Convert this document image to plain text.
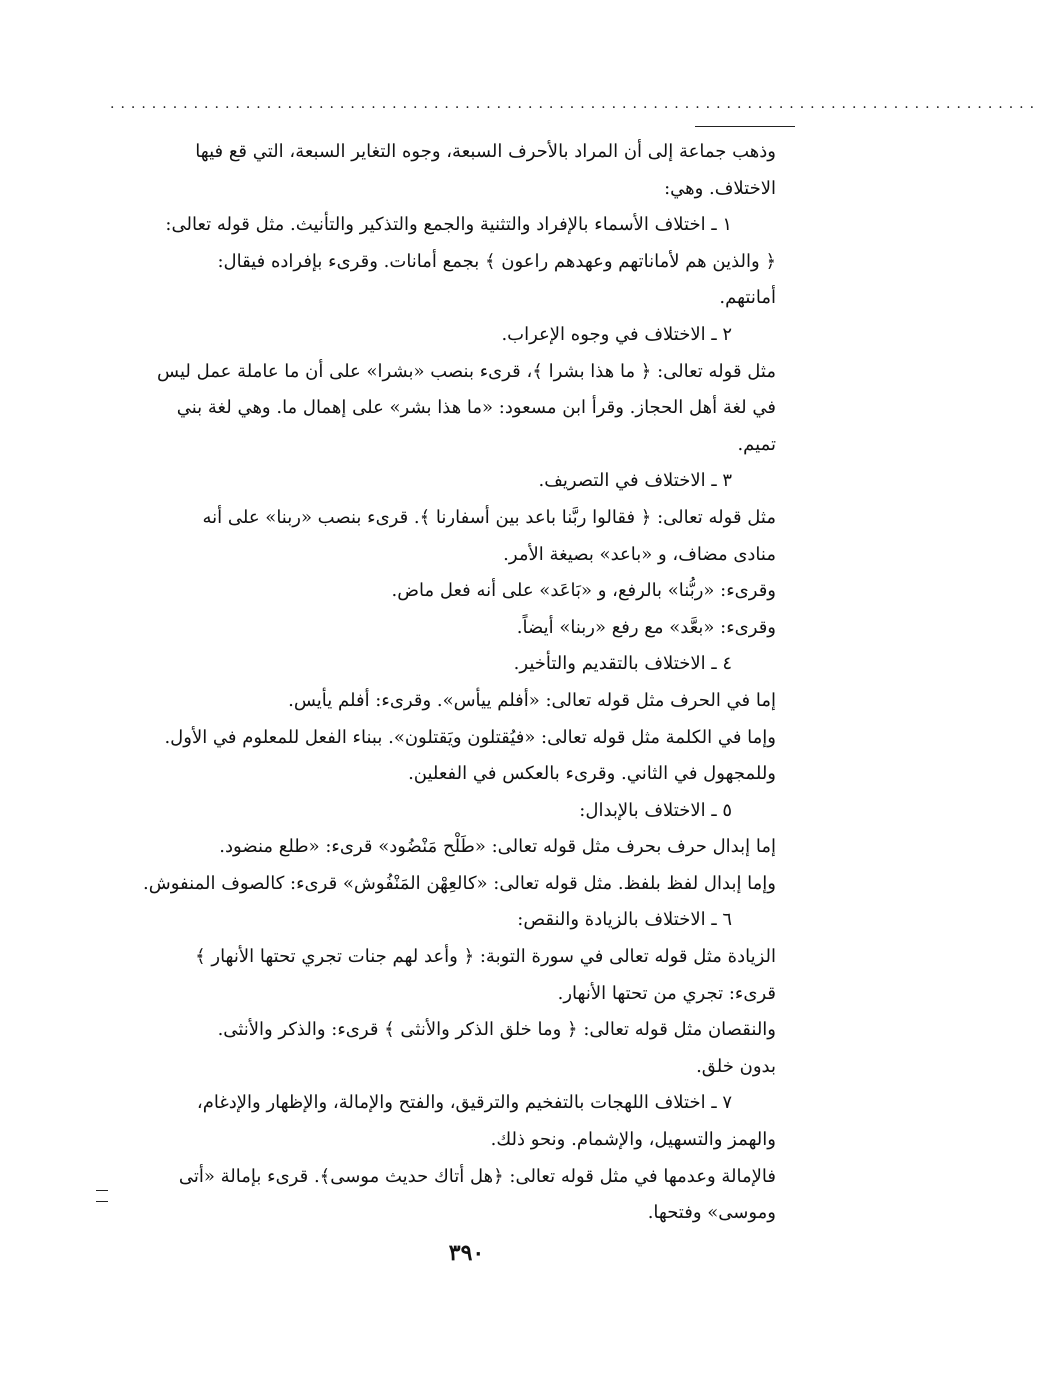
.........................................................................................

وذهب جماعة إلى أن المراد بالأحرف السبعة، وجوه التغاير السبعة، التي قع فيها

الاختلاف. وهي:

١ ـ اختلاف الأسماء بالإفراد والتثنية والجمع والتذكير والتأنيث. مثل قوله تعالى:

﴿ والذين هم لأماناتهم وعهدهم راعون ﴾ بجمع أمانات. وقرىء بإفراده فيقال:

أمانتهم.

٢ ـ الاختلاف في وجوه الإعراب.

مثل قوله تعالى: ﴿ ما هذا بشرا ﴾، قرىء بنصب «بشرا» على أن ما عاملة عمل ليس

في لغة أهل الحجاز. وقرأ ابن مسعود: «ما هذا بشر» على إهمال ما. وهي لغة بني

تميم.

٣ ـ الاختلاف في التصريف.

مثل قوله تعالى: ﴿ فقالوا ربَّنا باعد بين أسفارنا ﴾. قرىء بنصب «ربنا» على أنه

منادى مضاف، و «باعد» بصيغة الأمر.

وقرىء: «ربُّنا» بالرفع، و «بَاعَد» على أنه فعل ماض.

وقرىء: «بعَّد» مع رفع «ربنا» أيضاً.

٤ ـ الاختلاف بالتقديم والتأخير.

إما في الحرف مثل قوله تعالى: «أفلم ييأس». وقرىء: أفلم يأيس.

وإما في الكلمة مثل قوله تعالى: «فيُقتلون ويَقتلون». ببناء الفعل للمعلوم في الأول.

وللمجهول في الثاني. وقرىء بالعكس في الفعلين.

٥ ـ الاختلاف بالإبدال:

إما إبدال حرف بحرف مثل قوله تعالى: «طَلْح مَنْضُود» قرىء: «طلع منضود.

وإما إبدال لفظ بلفظ. مثل قوله تعالى: «كالعِهْن المَنْفُوش» قرىء: كالصوف المنفوش.

٦ ـ الاختلاف بالزيادة والنقص:

الزيادة مثل قوله تعالى في سورة التوبة: ﴿ وأعد لهم جنات تجري تحتها الأنهار ﴾

قرىء: تجري من تحتها الأنهار.

والنقصان مثل قوله تعالى: ﴿ وما خلق الذكر والأنثى ﴾ قرىء: والذكر والأنثى.

بدون خلق.

٧ ـ اختلاف اللهجات بالتفخيم والترقيق، والفتح والإمالة، والإظهار والإدغام،

والهمز والتسهيل، والإشمام. ونحو ذلك.

فالإمالة وعدمها في مثل قوله تعالى: ﴿هل أتاك حديث موسى﴾. قرىء بإمالة «أتى

وموسى» وفتحها.

٣٩٠
